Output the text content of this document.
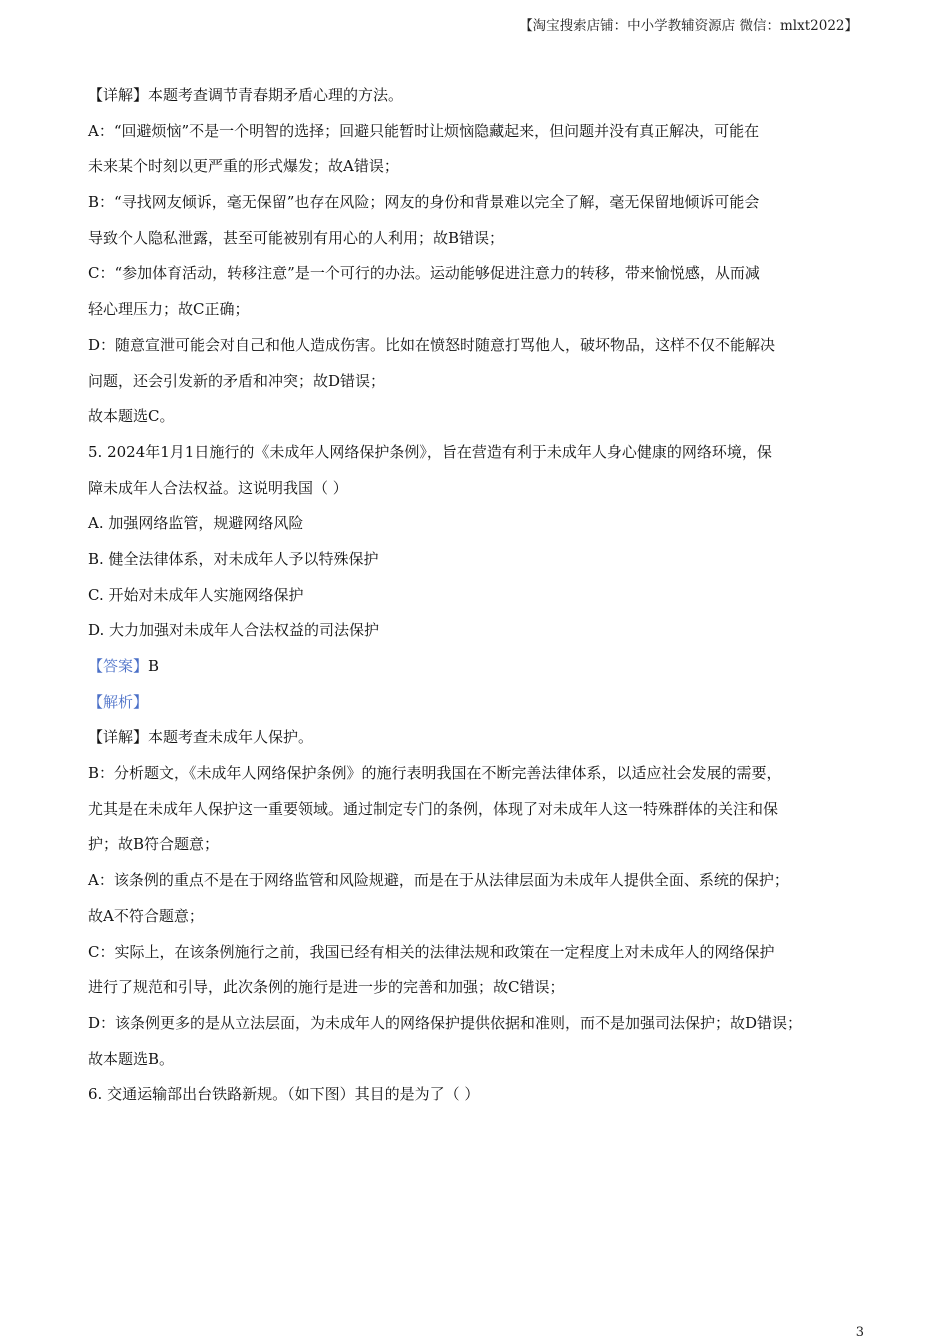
【淘宝搜索店铺：中小学教辅资源店 微信：mlxt2022】
【详解】本题考查调节青春期矛盾心理的方法。
A：“回避烦恼”不是一个明智的选择；回避只能暂时让烦恼隐藏起来，但问题并没有真正解决，可能在
未来某个时刻以更严重的形式爆发；故A错误；
B：“寻找网友倾诉，毫无保留”也存在风险；网友的身份和背景难以完全了解，毫无保留地倾诉可能会
导致个人隐私泄露，甚至可能被别有用心的人利用；故B错误；
C：“参加体育活动，转移注意”是一个可行的办法。运动能够促进注意力的转移，带来愉悦感，从而减
轻心理压力；故C正确；
D：随意宣泄可能会对自己和他人造成伤害。比如在愤怒时随意打骂他人，破坏物品，这样不仅不能解决
问题，还会引发新的矛盾和冲突；故D错误；
故本题选C。
5. 2024年1月1日施行的《未成年人网络保护条例》，旨在营造有利于未成年人身心健康的网络环境，保
障未成年人合法权益。这说明我国（ ）
A. 加强网络监管，规避网络风险
B. 健全法律体系，对未成年人予以特殊保护
C. 开始对未成年人实施网络保护
D. 大力加强对未成年人合法权益的司法保护
【答案】B
【解析】
【详解】本题考查未成年人保护。
B：分析题文，《未成年人网络保护条例》的施行表明我国在不断完善法律体系，以适应社会发展的需要，
尤其是在未成年人保护这一重要领域。通过制定专门的条例，体现了对未成年人这一特殊群体的关注和保
护；故B符合题意；
A：该条例的重点不是在于网络监管和风险规避，而是在于从法律层面为未成年人提供全面、系统的保护；
故A不符合题意；
C：实际上，在该条例施行之前，我国已经有相关的法律法规和政策在一定程度上对未成年人的网络保护
进行了规范和引导，此次条例的施行是进一步的完善和加强；故C错误；
D：该条例更多的是从立法层面，为未成年人的网络保护提供依据和准则，而不是加强司法保护；故D错误；
故本题选B。
6. 交通运输部出台铁路新规。（如下图）其目的是为了（ ）
3
